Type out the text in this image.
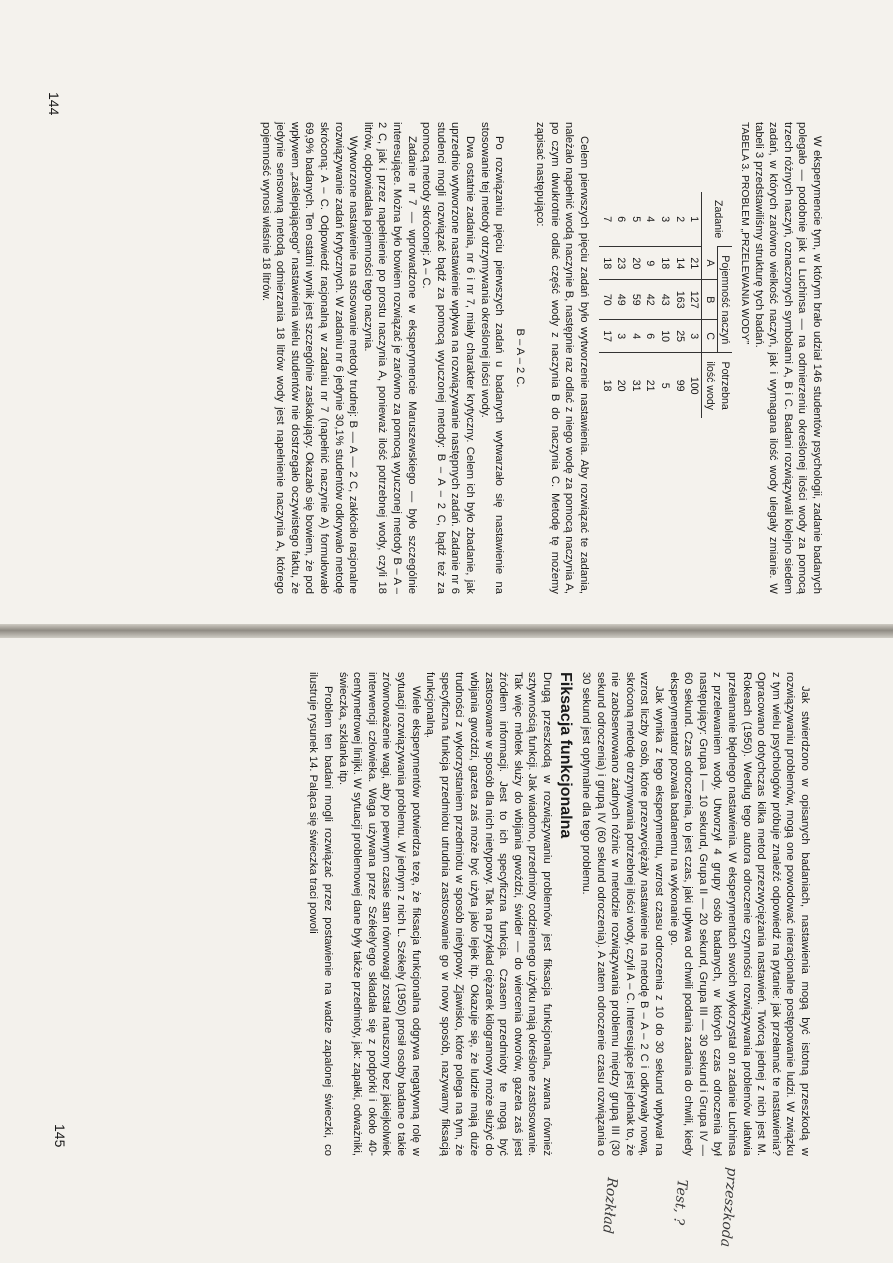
W eksperymencie tym, w którym brało udział 146 studentów psychologii, zadanie badanych polegało — podobnie jak u Luchinsa — na odmierzeniu określonej ilości wody za pomocą trzech różnych naczyń, oznaczonych symbolami A, B i C. Badani rozwiązywali kolejno siedem zadań, w których zarówno wielkość naczyń, jak i wymagana ilość wody ulegały zmianie. W tabeli 3 przedstawiliśmy strukturę tych badań.

TABELA 3. PROBLEM „PRZELEWANIA WODY”

Zadanie	Pojemność naczyń			Potrzebna
ilość wody
	A	B	C	
1	21	127	3	100
2	14	163	25	99
3	18	43	10	5
4	9	42	6	21
5	20	59	4	31
6	23	49	3	20
7	18	70	17	18

Celem pierwszych pięciu zadań było wytworzenie nastawienia. Aby rozwiązać te zadania, należało napełnić wodą naczynie B, następnie raz odlać z niego wodę za pomocą naczynia A, po czym dwukrotnie odlać część wody z naczynia B do naczynia C. Metodę tę możemy zapisać następująco:

B – A – 2 C.

Po rozwiązaniu pięciu pierwszych zadań u badanych wytwarzało się nastawienie na stosowanie tej metody otrzymywania określonej ilości wody.

Dwa ostatnie zadania, nr 6 i nr 7, miały charakter krytyczny. Celem ich było zbadanie, jak uprzednio wytworzone nastawienie wpływa na rozwiązywanie następnych zadań. Zadanie nr 6 studenci mogli rozwiązać bądź za pomocą wyuczonej metody: B – A – 2 C, bądź też za pomocą metody skróconej: A – C.

Zadanie nr 7 — wprowadzone w eksperymencie Maruszewskiego — było szczególnie interesujące. Można było bowiem rozwiązać je zarówno za pomocą wyuczonej metody B – A – 2 C, jak i przez napełnienie po prostu naczynia A, ponieważ ilość potrzebnej wody, czyli 18 litrów, odpowiadała pojemności tego naczynia.

Wytworzone nastawienie na stosowanie metody trudnej: B — A — 2 C, zakłóciło racjonalne rozwiązywanie zadań krytycznych. W zadaniu nr 6 jedynie 30,1% studentów odkrywało metodę skróconą: A – C. Odpowiedź racjonalną w zadaniu nr 7 (napełnić naczynie A) formułowało 69,9% badanych. Ten ostatni wynik jest szczególnie zaskakujący. Okazało się bowiem, że pod wpływem „zaślepiającego” nastawienia wielu studentów nie dostrzegało oczywistego faktu, że jedynie sensowną metodą odmierzania 18 litrów wody jest napełnienie naczynia A, którego pojemność wynosi właśnie 18 litrów.

144

Jak stwierdzono w opisanych badaniach, nastawienia mogą być istotną przeszkodą w rozwiązywaniu problemów, mogą one powodować nieracjonalne postępowanie ludzi. W związku z tym wielu psychologów próbuje znaleźć odpowiedź na pytanie: jak przełamać te nastawienia? Opracowano dotychczas kilka metod przezwyciężania nastawień. Twórcą jednej z nich jest M. Rokeach (1950). Według tego autora odroczenie czynności rozwiązywania problemów ułatwia przełamanie błędnego nastawienia. W eksperymentach swoich wykorzystał on zadanie Luchinsa z przelewaniem wody. Utworzył 4 grupy osób badanych, w których czas odroczenia był następujący: Grupa I — 10 sekund, Grupa II — 20 sekund, Grupa III — 30 sekund i Grupa IV — 60 sekund. Czas odroczenia, to jest czas, jaki upływa od chwili podania zadania do chwili, kiedy eksperymentator pozwala badanemu na wykonanie go.

Jak wynika z tego eksperymentu, wzrost czasu odroczenia z 10 do 30 sekund wpływał na wzrost liczby osób, które przezwyciężały nastawienie na metodę B – A – 2 C i odkrywały nową, skróconą metodę otrzymywania potrzebnej ilości wody, czyli A – C. Interesujące jest jednak to, że nie zaobserwowano żadnych różnic w metodzie rozwiązywania problemu między grupą III (30 sekund odroczenia) i grupą IV (60 sekund odroczenia). A zatem odroczenie czasu rozwiązania o 30 sekund jest optymalne dla tego problemu.

Fiksacja funkcjonalna

Drugą przeszkodą w rozwiązywaniu problemów jest fiksacja funkcjonalna, zwana również sztywnością funkcji. Jak wiadomo, przedmioty codziennego użytku mają określone zastosowanie. Tak więc młotek służy do wbijania gwoździ, świder — do wiercenia otworów, gazeta zaś jest źródłem informacji. Jest to ich specyficzna funkcja. Czasem przedmioty te mogą być zastosowane w sposób dla nich nietypowy. Tak na przykład ciężarek kilogramowy może służyć do wbijania gwoździ, gazeta zaś może być użyta jako lejek itp. Okazuje się, że ludzie mają duże trudności z wykorzystaniem przedmiotu w sposób nietypowy. Zjawisko, które polega na tym, że specyficzna funkcja przedmiotu utrudnia zastosowanie go w nowy sposób, nazywamy fiksacją funkcjonalną.

Wiele eksperymentów potwierdza tezę, że fiksacja funkcjonalna odgrywa negatywną rolę w sytuacji rozwiązywania problemu. W jednym z nich L. Székely (1950) prosił osoby badane o takie zrównoważenie wagi, aby po pewnym czasie stan równowagi został naruszony bez jakiejkolwiek interwencji człowieka. Waga używana przez Székely'ego składała się z podpórki i około 40-centymetrowej linijki. W sytuacji problemowej dane były także przedmioty, jak: zapałki, odważniki, świeczka, szklanka itp.

Problem ten badani mogli rozwiązać przez postawienie na wadze zapalonej świeczki, co ilustruje rysunek 14. Paląca się świeczka traci powoli

145
przeszkoda
Test, ?
Rozkład
